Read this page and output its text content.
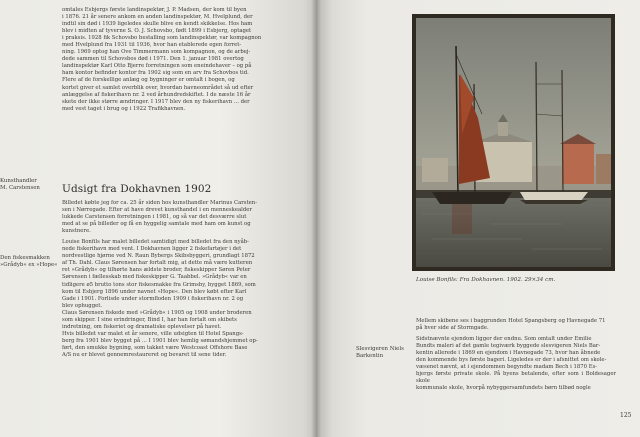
omtales Esbjergs første landinspektør, J. P. Madsen, der kom til byen

i 1876. 21 år senere ankom en anden landinspektør, M. Hvelplund, der

indtil sin død i 1939 ligeledes skulle blive en kendt skikkelse. Hos ham

blev i midten af tyverne S. O. J. Schovsbo, født 1899 i Esbjerg, optaget

i praksis. 1928 fik Schovsbo bestalling som landinspektør, var kompagnon

med Hvelplund fra 1931 til 1936, hvor han etablerede egen forret-

ning. 1969 optog han Ove Timmermann som kompagnon, og de arbej-

dede sammen til Schovsbos død i 1971. Den 1. januar 1981 overtog

landinspektør Karl Otto Bjerre forretningen som eneindehaver – og på

ham kontor befinder kontor fra 1902 sig som en arv fra Schovbos tid.

Flere af de forskellige anlæg og bygninger er omtalt i bogen, og

kortet giver et samlet overblik over, hvordan havneområdet så ud efter

anlæggelse af fiskerihavn nr. 2 ved århundredskiftet. I de næste 16 år

skete der ikke større ændringer. I 1917 blev den ny fiskerihavn ... der

med vest taget i brug og i 1922 Trafikhavnen.

Kunsthandler
M. Carstensen Udsigt fra Dokhavnen 1902

Billedet købte jeg for ca. 25 år siden hos kunsthandler Marinus Carsten-

sen i Nørregade. Efter at have drevet kunsthandel i en menneskealder

lukkede Carstensen forretningen i 1981, og så var det desværre slut

med at se på billeder og få en hyggelig samtale med ham om kunst og

kunstnere.

Louise Bonfils har malet billedet samtidigt med billedet fra den nyåb-

nede fiskerihavn med vent. I Dokhavnen ligger 2 fiskefartøjer i det

nordvestlige hjørne ved N. Raun Bybergs Skibsbyggeri, grundlagt 1872

af Th. Dahl. Claus Sørensen har fortalt mig, at dette må være kutteren

ret »Grådyb« og tilhørte hans ældste broder, fiskeskipper Søren Peter

Sørensen i fællesskab med fiskeskipper G. Taabbel. »Grådyb« var en

tidligere ø5 brutto tons stor fiskesmakke fra Grimsby, bygget 1869, som

kom til Esbjerg 1896 under navnet »Hope«. Den blev købt efter Karl

Gade i 1901. Forlisde under stormfloden 1909 i fiskerihavn nr. 2 og

blev ophugget.

Claus Sørensen fiskede med »Grådyb« i 1905 og 1908 under broderen

som skipper. I sine erindringer, Bind I, har han fortalt om skibets

indretning, om fiskeriet og dramatiske oplevelser på havet.

Hvis billedet var malet et år senere, ville udsigten til Hotel Spangs-

berg fra 1901 blev bygget på ... I 1901 blev hemlig sømandshjemmet op-

ført, den smukke bygning, som takket være Westcoast Offshore Base

A/S nu er blevet gennemrestaureret og bevaret til sene tider.

Den fiskesmakken
»Grådyb« ex »Hope«
Louise Bonfils: Fra Dokhavnen. 1902. 29×34 cm.

Mellem skibene ses i baggrunden Hotel Spangsberg og Havnegade 71

på hver side af Stormgade.

Sidstnævnte ejendom ligger der endnu. Som omtalt under Emilie

Bundts maleri af det gamle tegiværk byggede slesvigeren Niels Bar-

kentin allerede i 1869 en ejendom i Havnegade 73, hvor han åbnede

den kommende bys første bageri. Ligeledes er der i afsnittet om skole-

væsenet nævnt, at i ejendommen begyndte madam Bech i 1870 Es-

bjergs første private skole. På byens betalende, efter som i Boldesager skole

kommunale skole, hvorpå nybyggersamfundets børn tilbød nogle

Slesvigeren Niels
Barkentin
125
